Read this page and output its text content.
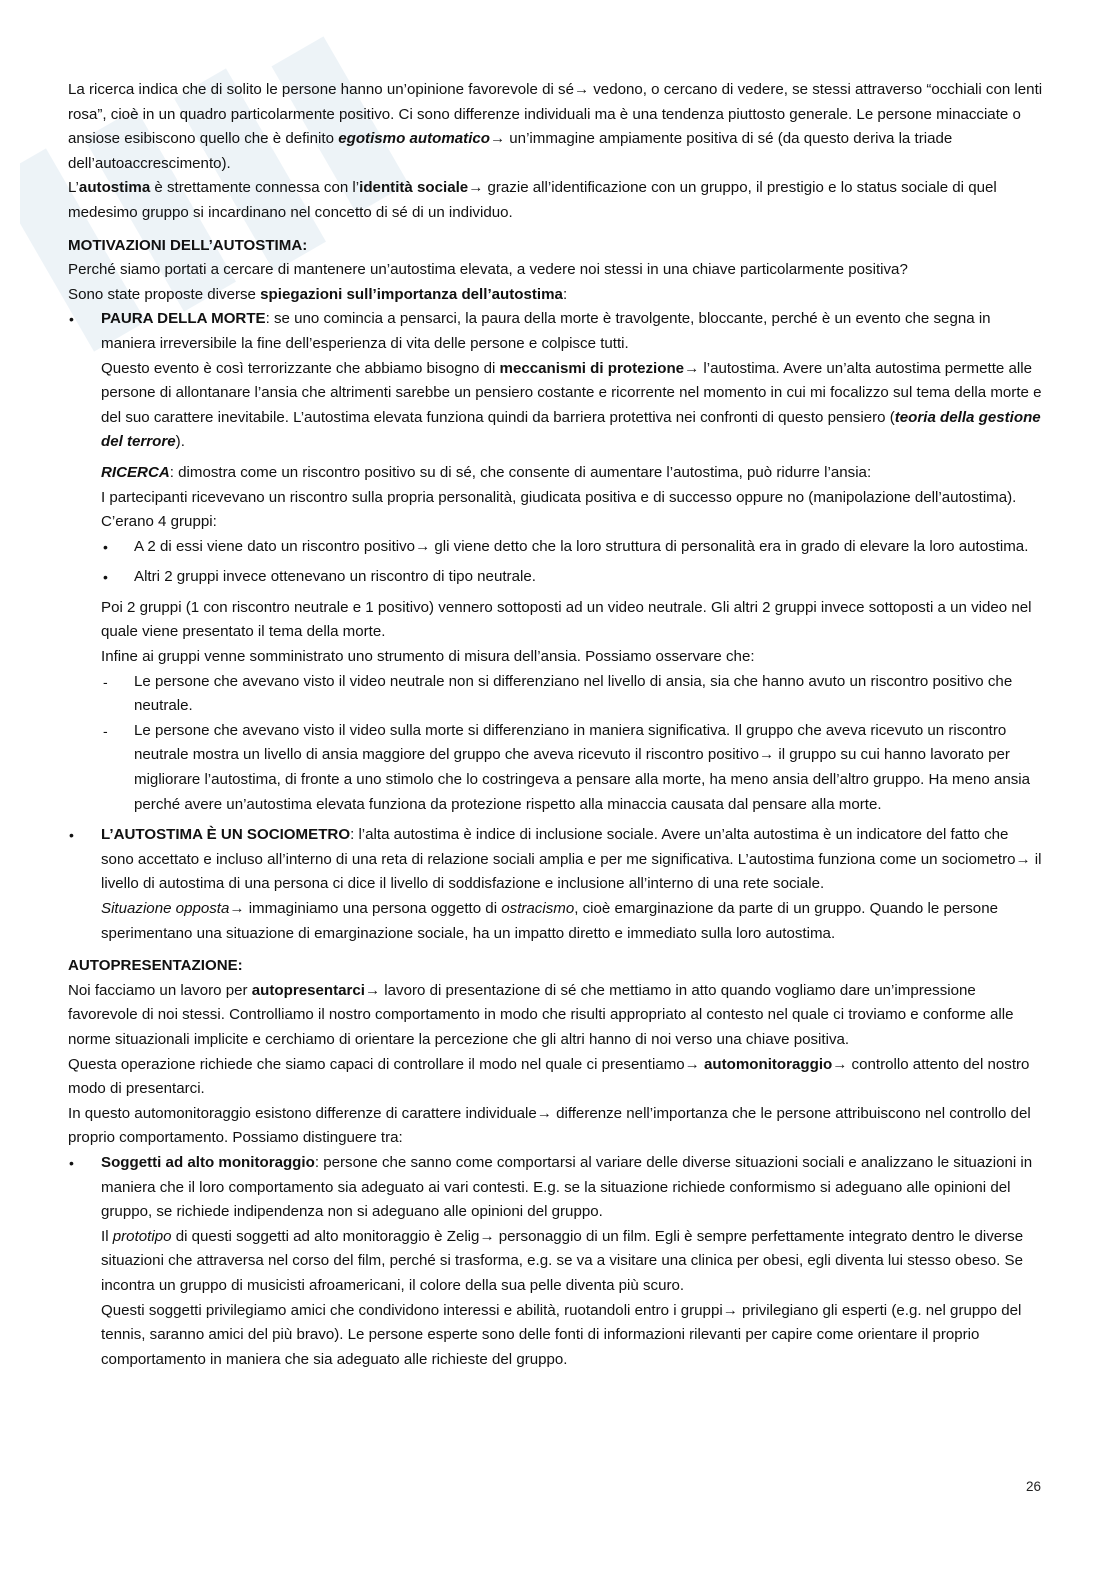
La ricerca indica che di solito le persone hanno un’opinione favorevole di sé→ vedono, o cercano di vedere, se stessi attraverso “occhiali con lenti rosa”, cioè in un quadro particolarmente positivo. Ci sono differenze individuali ma è una tendenza piuttosto generale. Le persone minacciate o ansiose esibiscono quello che è definito egotismo automatico→ un’immagine ampiamente positiva di sé (da questo deriva la triade dell’autoaccrescimento).

L’autostima è strettamente connessa con l’identità sociale→ grazie all’identificazione con un gruppo, il prestigio e lo status sociale di quel medesimo gruppo si incardinano nel concetto di sé di un individuo.

MOTIVAZIONI DELL’AUTOSTIMA:

Perché siamo portati a cercare di mantenere un’autostima elevata, a vedere noi stessi in una chiave particolarmente positiva?

Sono state proposte diverse spiegazioni sull’importanza dell’autostima:

• PAURA DELLA MORTE: se uno comincia a pensarci, la paura della morte è travolgente, bloccante, perché è un evento che segna in maniera irreversibile la fine dell’esperienza di vita delle persone e colpisce tutti.

Questo evento è così terrorizzante che abbiamo bisogno di meccanismi di protezione→ l’autostima. Avere un’alta autostima permette alle persone di allontanare l’ansia che altrimenti sarebbe un pensiero costante e ricorrente nel momento in cui mi focalizzo sul tema della morte e del suo carattere inevitabile. L’autostima elevata funziona quindi da barriera protettiva nei confronti di questo pensiero (teoria della gestione del terrore).

RICERCA: dimostra come un riscontro positivo su di sé, che consente di aumentare l’autostima, può ridurre l’ansia:

I partecipanti ricevevano un riscontro sulla propria personalità, giudicata positiva e di successo oppure no (manipolazione dell’autostima). C’erano 4 gruppi:

• A 2 di essi viene dato un riscontro positivo→ gli viene detto che la loro struttura di personalità era in grado di elevare la loro autostima.

• Altri 2 gruppi invece ottenevano un riscontro di tipo neutrale.

Poi 2 gruppi (1 con riscontro neutrale e 1 positivo) vennero sottoposti ad un video neutrale. Gli altri 2 gruppi invece sottoposti a un video nel quale viene presentato il tema della morte.

Infine ai gruppi venne somministrato uno strumento di misura dell’ansia. Possiamo osservare che:

- Le persone che avevano visto il video neutrale non si differenziano nel livello di ansia, sia che hanno avuto un riscontro positivo che neutrale.

- Le persone che avevano visto il video sulla morte si differenziano in maniera significativa. Il gruppo che aveva ricevuto un riscontro neutrale mostra un livello di ansia maggiore del gruppo che aveva ricevuto il riscontro positivo→ il gruppo su cui hanno lavorato per migliorare l’autostima, di fronte a uno stimolo che lo costringeva a pensare alla morte, ha meno ansia dell’altro gruppo. Ha meno ansia perché avere un’autostima elevata funziona da protezione rispetto alla minaccia causata dal pensare alla morte.

• L’AUTOSTIMA È UN SOCIOMETRO: l’alta autostima è indice di inclusione sociale. Avere un’alta autostima è un indicatore del fatto che sono accettato e incluso all’interno di una reta di relazione sociali amplia e per me significativa. L’autostima funziona come un sociometro→ il livello di autostima di una persona ci dice il livello di soddisfazione e inclusione all’interno di una rete sociale.

Situazione opposta→ immaginiamo una persona oggetto di ostracismo, cioè emarginazione da parte di un gruppo. Quando le persone sperimentano una situazione di emarginazione sociale, ha un impatto diretto e immediato sulla loro autostima.

AUTOPRESENTAZIONE:

Noi facciamo un lavoro per autopresentarci→ lavoro di presentazione di sé che mettiamo in atto quando vogliamo dare un’impressione favorevole di noi stessi. Controlliamo il nostro comportamento in modo che risulti appropriato al contesto nel quale ci troviamo e conforme alle norme situazionali implicite e cerchiamo di orientare la percezione che gli altri hanno di noi verso una chiave positiva.

Questa operazione richiede che siamo capaci di controllare il modo nel quale ci presentiamo→ automonitoraggio→ controllo attento del nostro modo di presentarci.

In questo automonitoraggio esistono differenze di carattere individuale→ differenze nell’importanza che le persone attribuiscono nel controllo del proprio comportamento. Possiamo distinguere tra:

• Soggetti ad alto monitoraggio: persone che sanno come comportarsi al variare delle diverse situazioni sociali e analizzano le situazioni in maniera che il loro comportamento sia adeguato ai vari contesti. E.g. se la situazione richiede conformismo si adeguano alle opinioni del gruppo, se richiede indipendenza non si adeguano alle opinioni del gruppo.

Il prototipo di questi soggetti ad alto monitoraggio è Zelig→ personaggio di un film. Egli è sempre perfettamente integrato dentro le diverse situazioni che attraversa nel corso del film, perché si trasforma, e.g. se va a visitare una clinica per obesi, egli diventa lui stesso obeso. Se incontra un gruppo di musicisti afroamericani, il colore della sua pelle diventa più scuro.

Questi soggetti privilegiamo amici che condividono interessi e abilità, ruotandoli entro i gruppi→ privilegiano gli esperti (e.g. nel gruppo del tennis, saranno amici del più bravo). Le persone esperte sono delle fonti di informazioni rilevanti per capire come orientare il proprio comportamento in maniera che sia adeguato alle richieste del gruppo.

26
